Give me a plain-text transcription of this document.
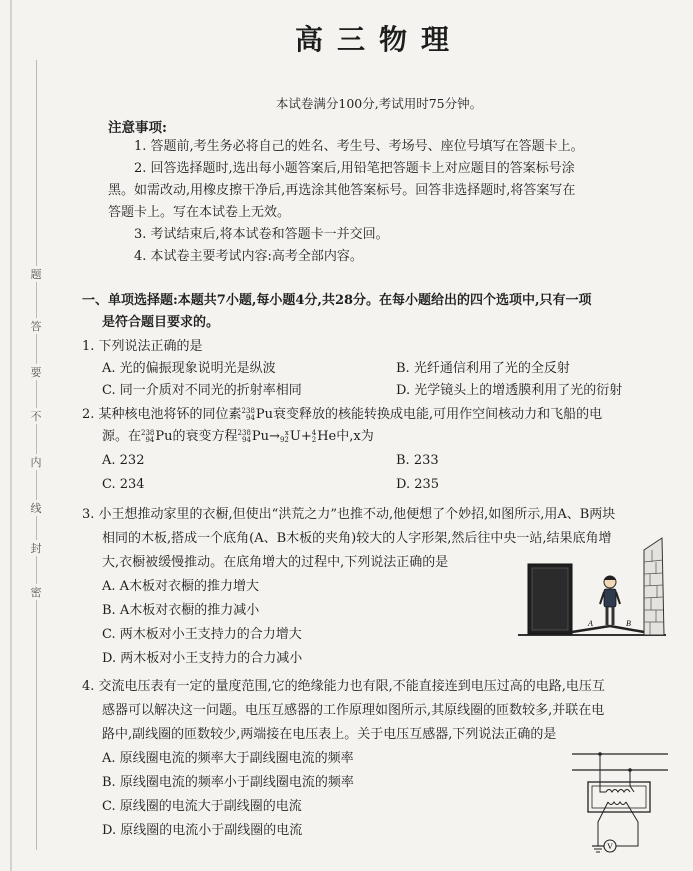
题
答
要
不
内
线
封
密
高三物理
本试卷满分100分,考试用时75分钟。
注意事项:
1. 答题前,考生务必将自己的姓名、考生号、考场号、座位号填写在答题卡上。
2. 回答选择题时,选出每小题答案后,用铅笔把答题卡上对应题目的答案标号涂
黑。如需改动,用橡皮擦干净后,再选涂其他答案标号。回答非选择题时,将答案写在
答题卡上。写在本试卷上无效。
3. 考试结束后,将本试卷和答题卡一并交回。
4. 本试卷主要考试内容:高考全部内容。
一、单项选择题:本题共7小题,每小题4分,共28分。在每小题给出的四个选项中,只有一项
是符合题目要求的。
1. 下列说法正确的是
A. 光的偏振现象说明光是纵波	B. 光纤通信利用了光的全反射
C. 同一介质对不同光的折射率相同	D. 光学镜头上的增透膜利用了光的衍射
2. 某种核电池将钚的同位素238
94Pu衰变释放的核能转换成电能,可用作空间核动力和飞船的电
源。在238
94Pu的衰变方程238
94Pu→ x
92U+4
2He中,x为
A. 232	B. 233
C. 234	D. 235
3. 小王想推动家里的衣橱,但使出“洪荒之力”也推不动,他便想了个妙招,如图所示,用A、B两块
相同的木板,搭成一个底角(A、B木板的夹角)较大的人字形架,然后往中央一站,结果底角增
大,衣橱被缓慢推动。在底角增大的过程中,下列说法正确的是
A. A木板对衣橱的推力增大
B. A木板对衣橱的推力减小
C. 两木板对小王支持力的合力增大
D. 两木板对小王支持力的合力减小
A	B
4. 交流电压表有一定的量度范围,它的绝缘能力也有限,不能直接连到电压过高的电路,电压互
感器可以解决这一问题。电压互感器的工作原理如图所示,其原线圈的匝数较多,并联在电
路中,副线圈的匝数较少,两端接在电压表上。关于电压互感器,下列说法正确的是
A. 原线圈电流的频率大于副线圈电流的频率
B. 原线圈电流的频率小于副线圈电流的频率
C. 原线圈的电流大于副线圈的电流
D. 原线圈的电流小于副线圈的电流
V
